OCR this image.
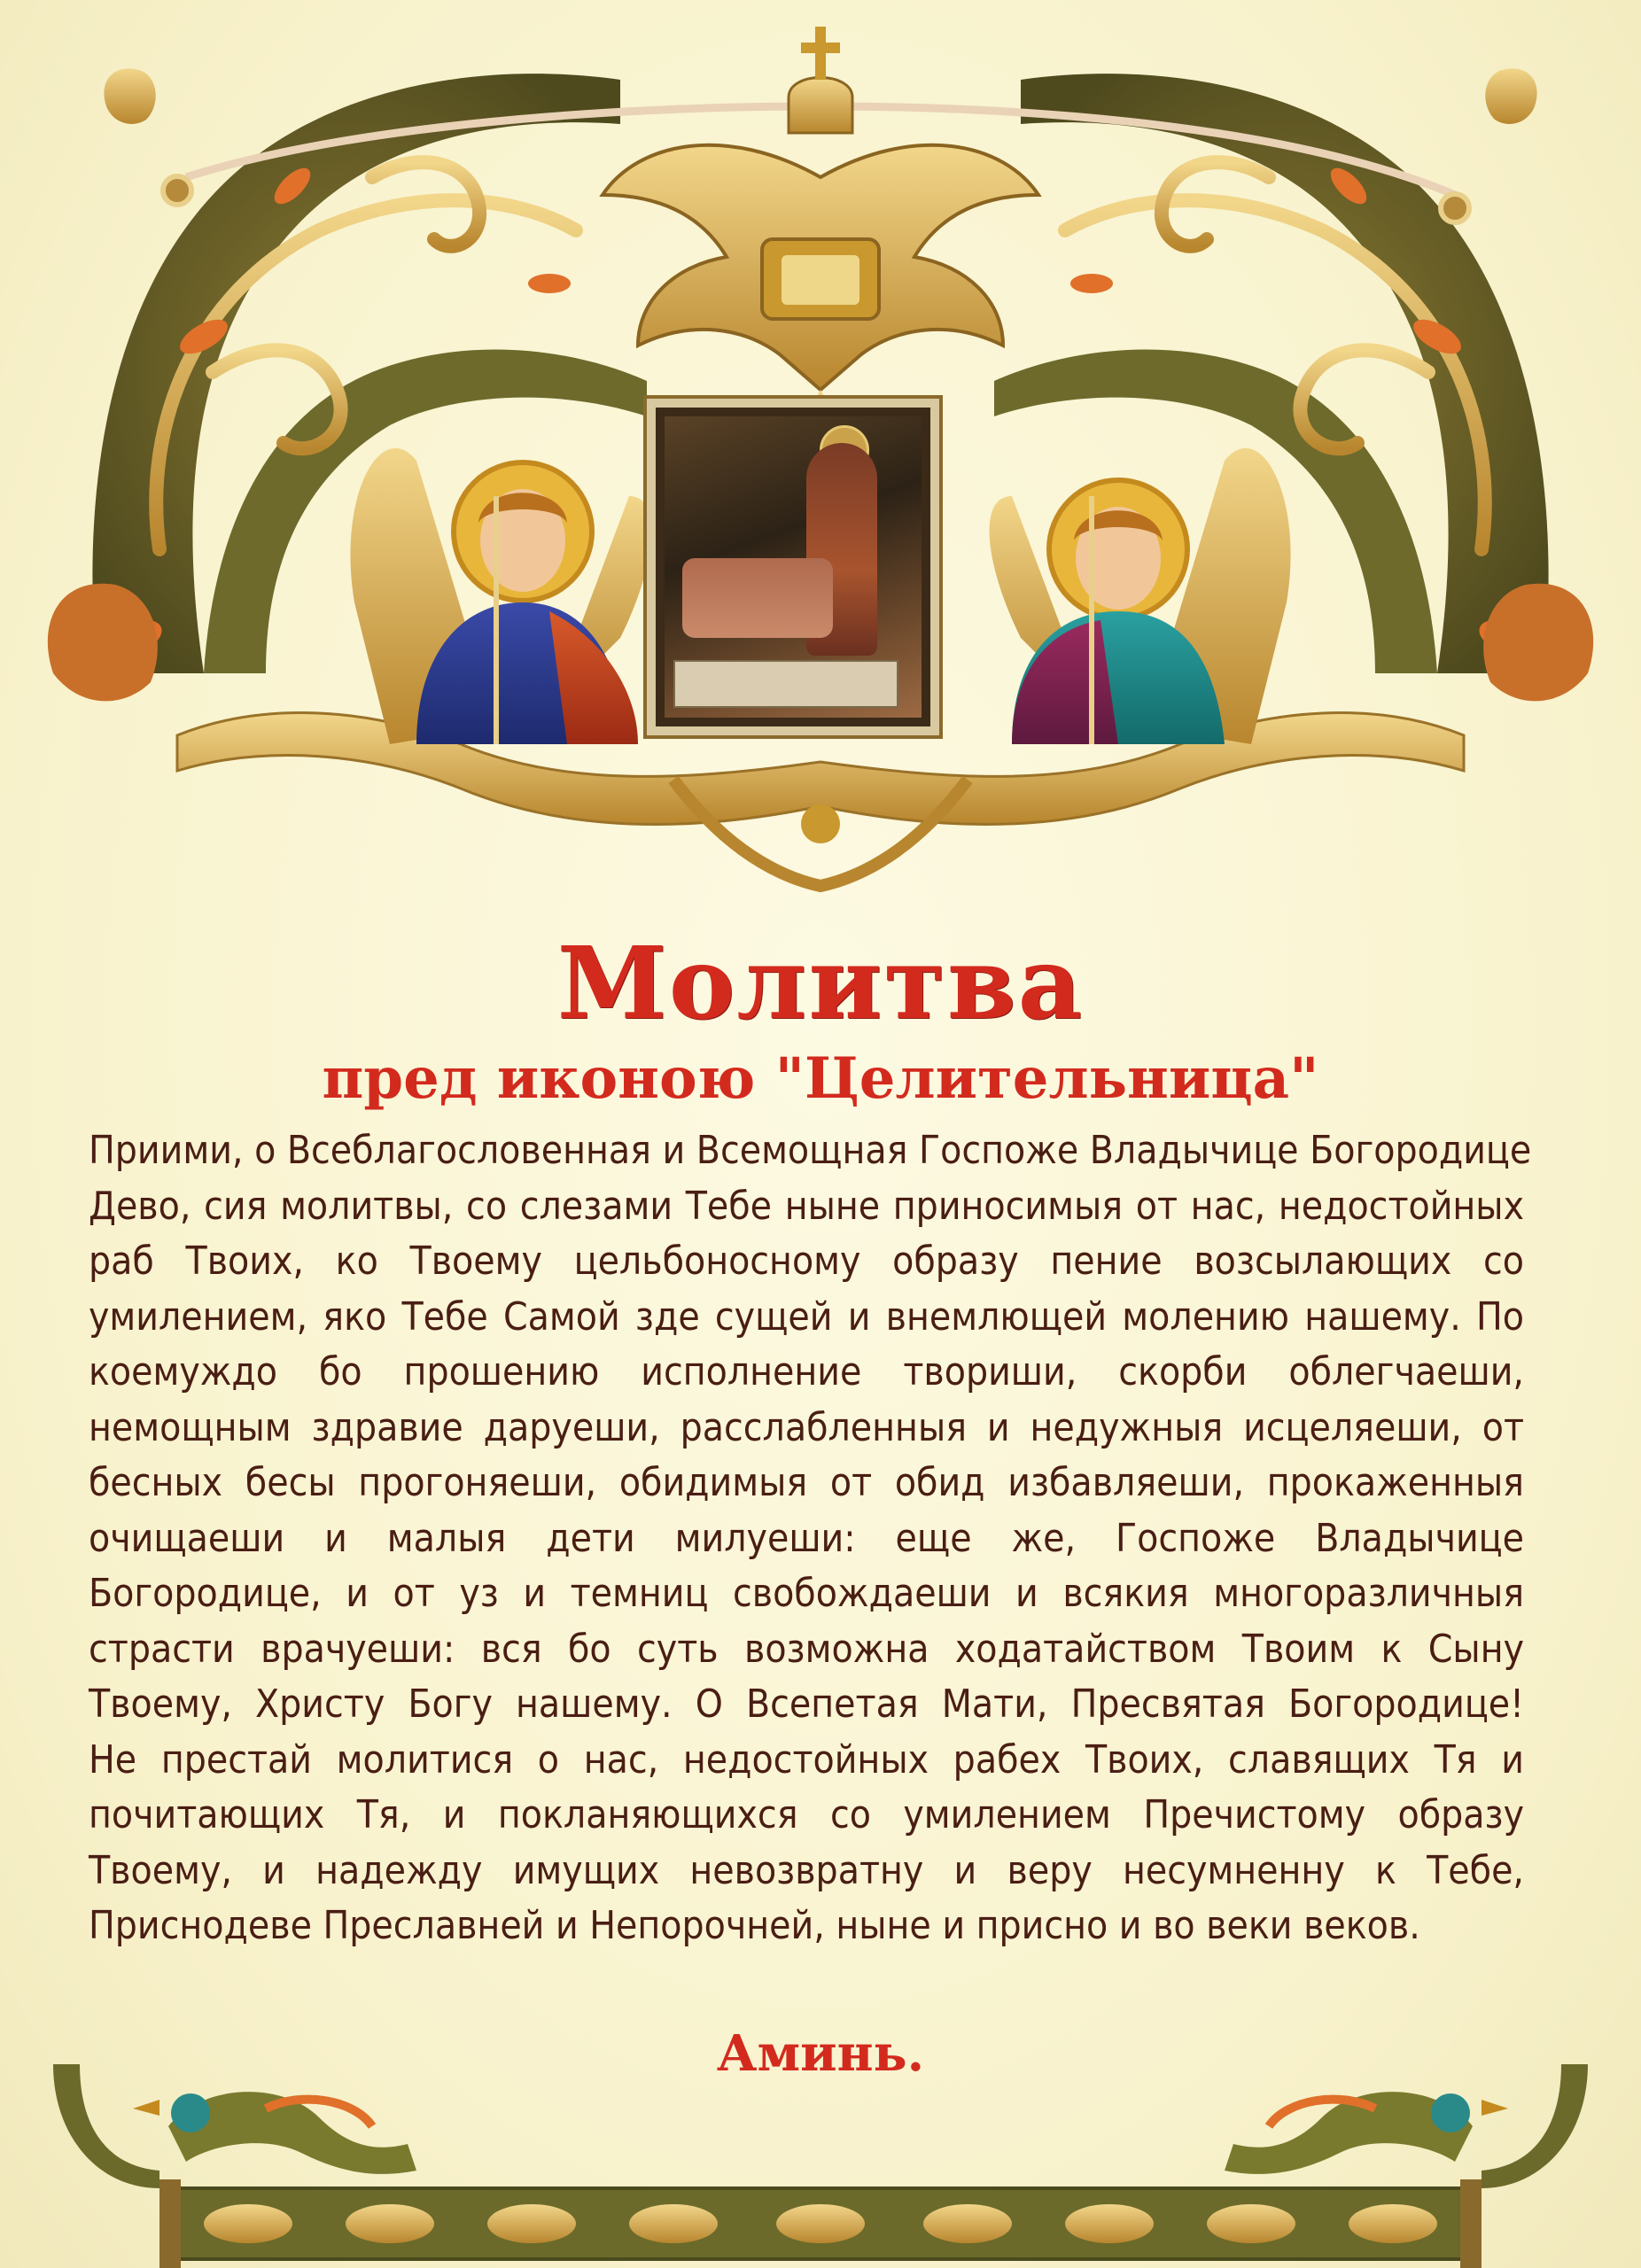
Молитва
пред иконою "Целительница"
Приими, о Всеблагословенная и Всемощная Госпоже Владычице Богородице
Дево, сия молитвы, со слезами Тебе ныне приносимыя от нас, недостойных
раб Твоих, ко Твоему цельбоносному образу пение возсылающих со
умилением, яко Тебе Самой зде сущей и внемлющей молению нашему. По
коемуждо бо прошению исполнение твориши, скорби облегчаеши,
немощным здравие даруеши, расслабленныя и недужныя исцеляеши, от
бесных бесы прогоняеши, обидимыя от обид избавляеши, прокаженныя
очищаеши и малыя дети милуеши: еще же, Госпоже Владычице
Богородице, и от уз и темниц свобождаеши и всякия многоразличныя
страсти врачуеши: вся бо суть возможна ходатайством Твоим к Сыну
Твоему, Христу Богу нашему. О Всепетая Мати, Пресвятая Богородице!
Не престай молитися о нас, недостойных рабех Твоих, славящих Тя и
почитающих Тя, и покланяющихся со умилением Пречистому образу
Твоему, и надежду имущих невозвратну и веру несумненну к Тебе,
Приснодеве Преславней и Непорочней, ныне и присно и во веки веков.
Аминь.
